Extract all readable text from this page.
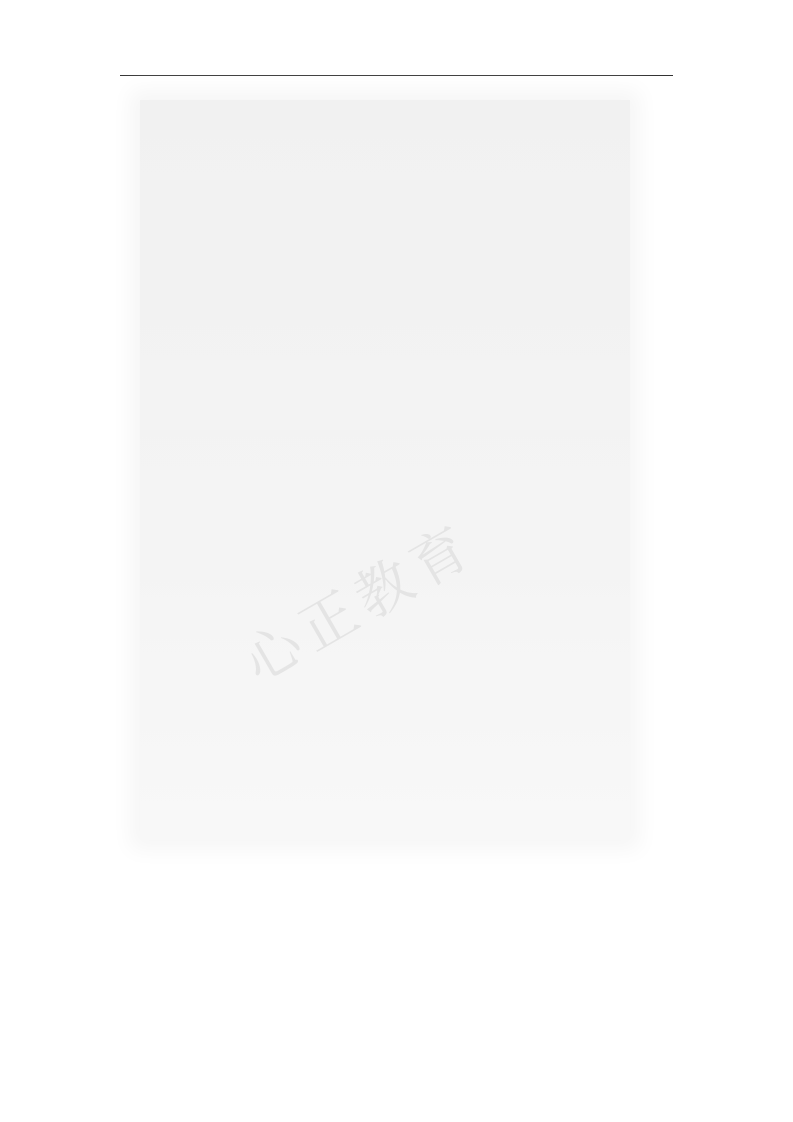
心正教育
